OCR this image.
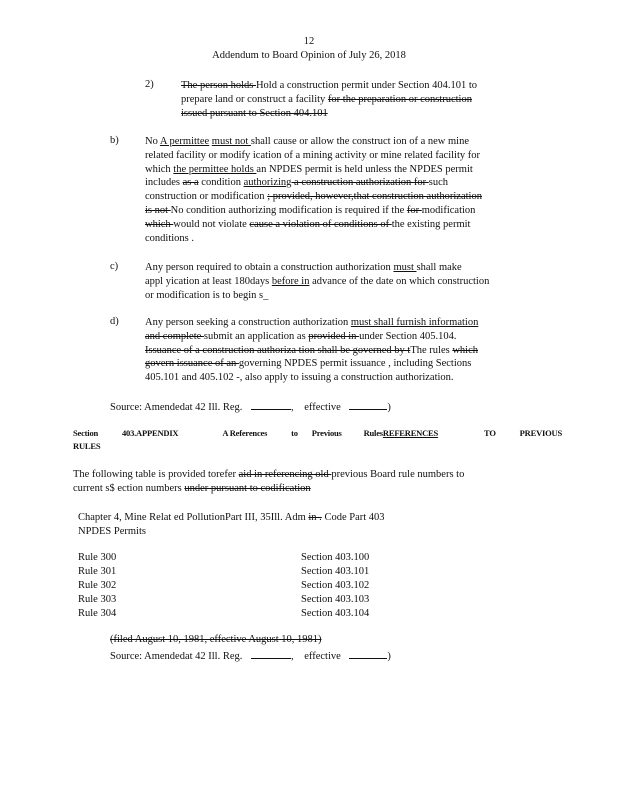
12
Addendum to Board Opinion of July 26, 2018
2)	The person holds Hold a construction permit under Section 404.101 to
prepare land or construct a facility for the preparation or construction
issued pursuant to Section 404.101
b)	No A permittee must not shall cause or allow the construct ion of a new mine
related facility or modify ication of a mining activity or mine related facility for
which the permittee holds an NPDES permit is held unless the NPDES permit
includes as a condition authorizing a construction authorization for such
construction or modification ; provided, however,that construction authorization
is not No condition authorizing modification is required if the for modification
which would not violate cause a violation of conditions of the existing permit
conditions .
c)	Any person required to obtain a construction authorization must shall make
appl yication at least 180days before in advance of the date on which construction
or modification is to begin s_
d)	Any person seeking a construction authorization must shall furnish information
and complete submit an application as provided in under Section 405.104.
Issuance of a construction authoriza tion shall be governed by tThe rules which
govern issuance of an governing NPDES permit issuance , including Sections
405.101 and 405.102 -, also apply to issuing a construction authorization.
Source: Amendedat 42 Ill. Reg.	, effective	)
Section	403.APPENDIX	A References	to Previous	RulesREFERENCES	TO	PREVIOUS
RULES
The following table is provided torefer aid in referencing old previous Board rule numbers to
current s$ ection numbers under pursuant to codification
Chapter 4, Mine Relat ed PollutionPart III, 35Ill. Adm in . Code Part 403
NPDES Permits
Rule 300	Section 403.100
Rule 301	Section 403.101
Rule 302	Section 403.102
Rule 303	Section 403.103
Rule 304	Section 403.104
(filed August 10, 1981, effective August 10, 1981)
Source: Amendedat 42 Ill. Reg.	, effective	)
